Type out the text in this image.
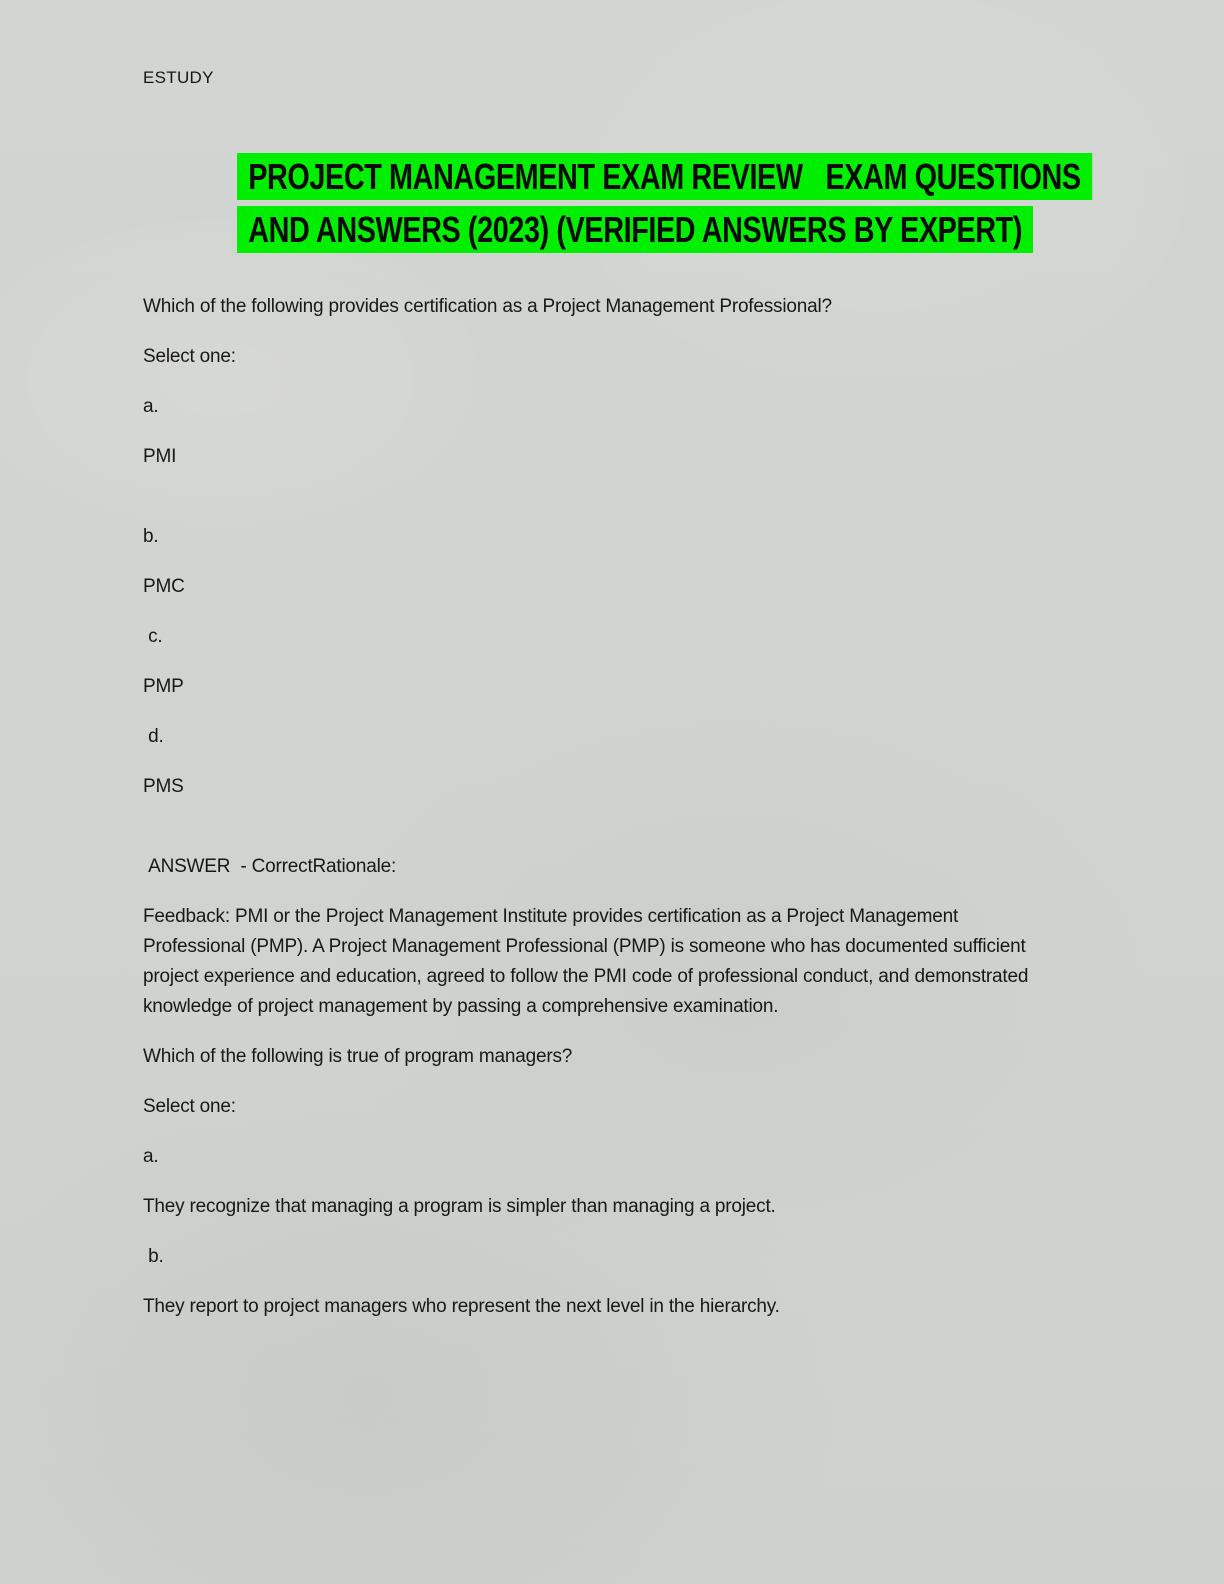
ESTUDY
PROJECT MANAGEMENT EXAM REVIEW   EXAM QUESTIONS
AND ANSWERS (2023) (VERIFIED ANSWERS BY EXPERT)

Which of the following provides certification as a Project Management Professional?

Select one:

a.

PMI

b.

PMC

c.

PMP

d.

PMS

ANSWER  - CorrectRationale:

Feedback: PMI or the Project Management Institute provides certification as a Project Management Professional (PMP). A Project Management Professional (PMP) is someone who has documented sufficient project experience and education, agreed to follow the PMI code of professional conduct, and demonstrated knowledge of project management by passing a comprehensive examination.

Which of the following is true of program managers?

Select one:

a.

They recognize that managing a program is simpler than managing a project.

b.

They report to project managers who represent the next level in the hierarchy.
